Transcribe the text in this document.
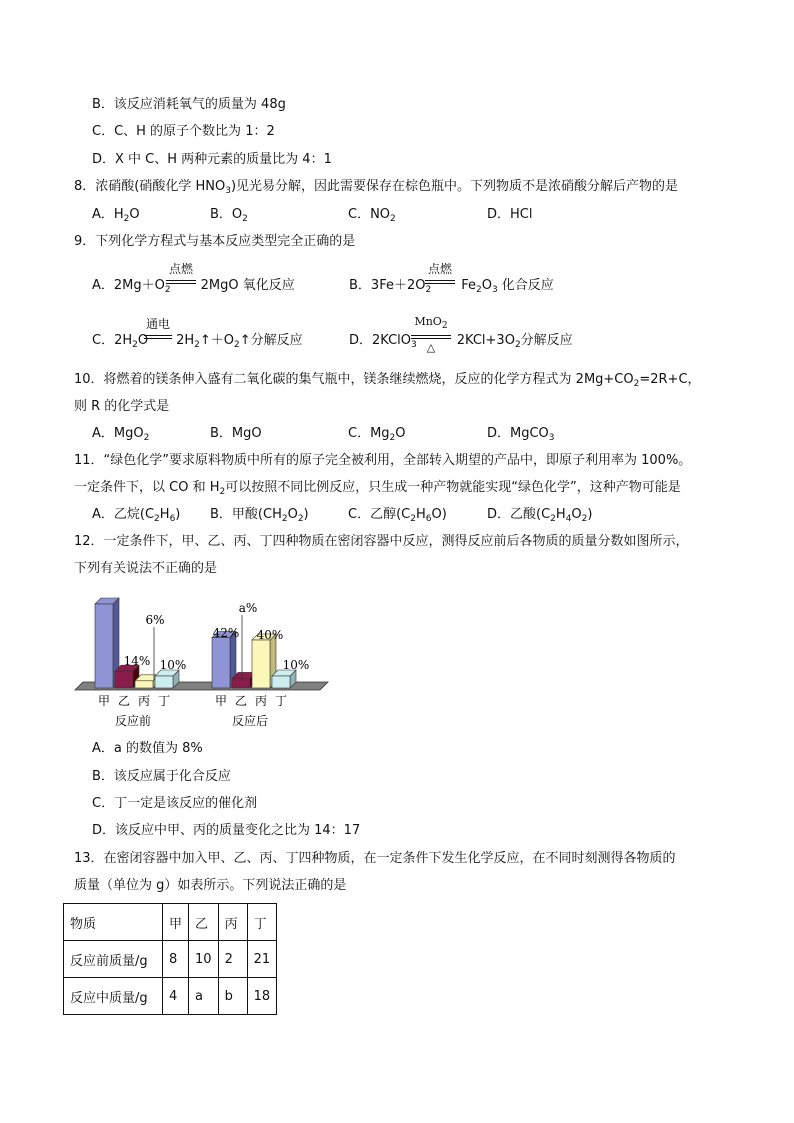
B．该反应消耗氧气的质量为 48g
C．C、H 的原子个数比为 1：2
D．X 中 C、H 两种元素的质量比为 4：1
8．浓硝酸(硝酸化学 $HNO_3$)见光易分解，因此需要保存在棕色瓶中。下列物质不是浓硝酸分解后产物的是
A．$H_2O$	B．$O_2$	C．$NO_2$	D．HCl
9．下列化学方程式与基本反应类型完全正确的是
A．$2Mg+O_2$ 2MgO 氧化反应
点燃
B．$3Fe+2O_2$ $Fe_2O_3$ 化合反应
点燃
C．$2H_2O$ $2H_2↑+O_2↑$分解反应
通电
D．2KClO$_3$	$2KCl+3O_2$分解反应
MnO$_2$
△
10．将燃着的镁条伸入盛有二氧化碳的集气瓶中，镁条继续燃烧，反应的化学方程式为 $2Mg+CO_2=2R+C$，
则 R 的化学式是
A．MgO$_2$	B．MgO	C．$Mg_2O$	D．MgCO$_3$
11．“绿色化学”要求原料物质中所有的原子完全被利用，全部转入期望的产品中，即原子利用率为 100%。
一定条件下，以 CO 和 $H_2$可以按照不同比例反应，只生成一种产物就能实现“绿色化学”，这种产物可能是
A．乙烷$(C_2H_6)$ B．甲酸$(CH_2O_2)$	C．乙醇$(C_2H_6O)$	D．乙酸$(C_2H_4O_2)$
12．一定条件下，甲、乙、丙、丁四种物质在密闭容器中反应，测得反应前后各物质的质量分数如图所示，
下列有关说法不正确的是
甲 乙 丙 丁
反应前
甲 乙 丙 丁
反应后
14%
6%
10%
42%
a%
40%
10%
A．a 的数值为 8%
B．该反应属于化合反应
C．丁一定是该反应的催化剂
D．该反应中甲、丙的质量变化之比为 14：17
13．在密闭容器中加入甲、乙、丙、丁四种物质，在一定条件下发生化学反应，在不同时刻测得各物质的
质量（单位为 g）如表所示。下列说法正确的是
物质	甲	乙	丙	丁
反应前质量/g	8	10	2	21
反应中质量/g	4	a	b	18
